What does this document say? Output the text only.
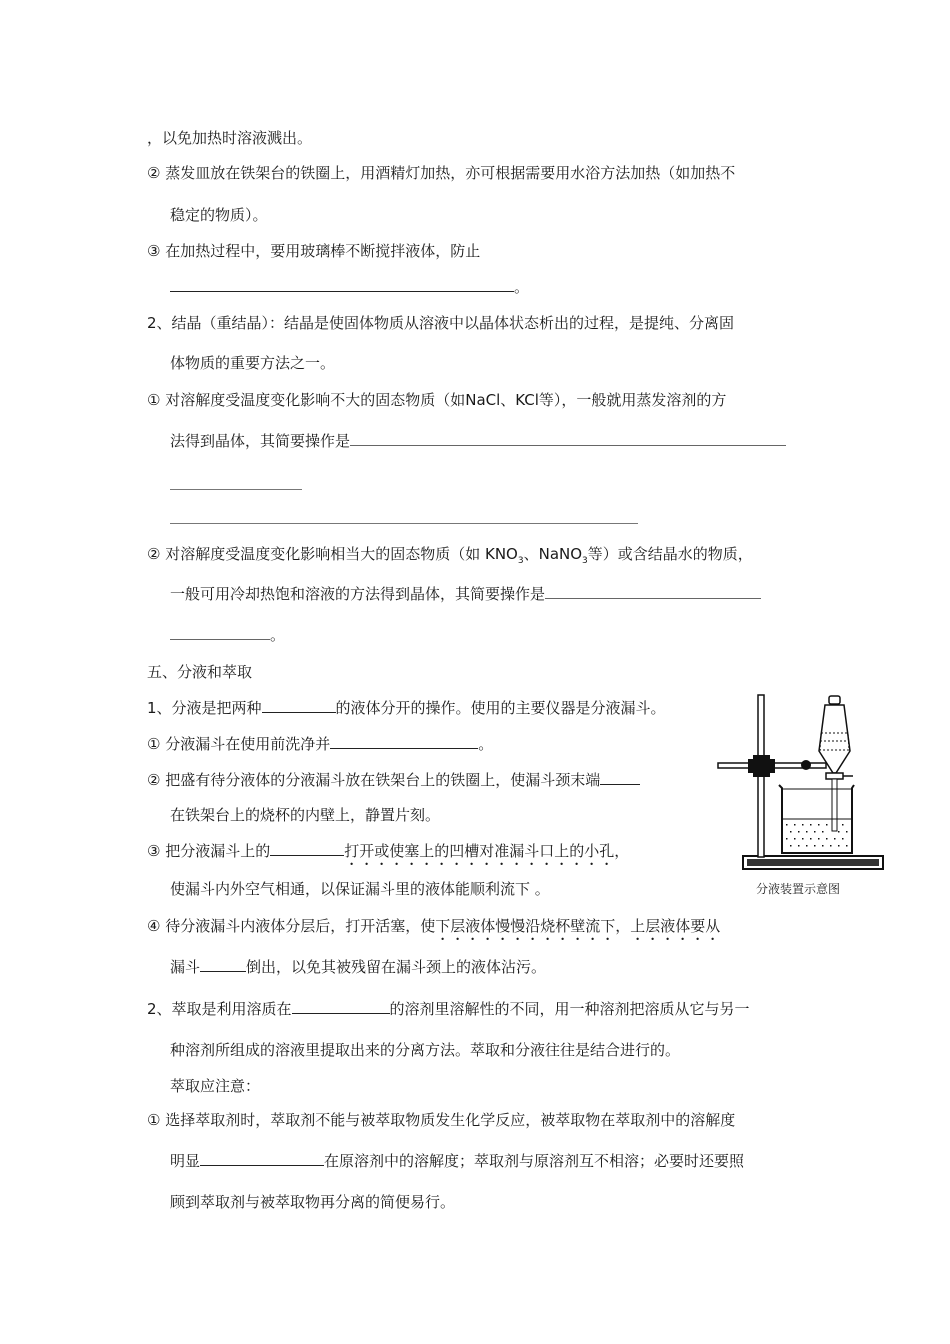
，以免加热时溶液溅出。
② 蒸发皿放在铁架台的铁圈上，用酒精灯加热，亦可根据需要用水浴方法加热（如加热不
稳定的物质）。
③ 在加热过程中，要用玻璃棒不断搅拌液体，防止
。
2、结晶（重结晶）：结晶是使固体物质从溶液中以晶体状态析出的过程，是提纯、分离固
体物质的重要方法之一。
① 对溶解度受温度变化影响不大的固态物质（如NaCl、KCl等），一般就用蒸发溶剂的方
法得到晶体，其简要操作是
② 对溶解度受温度变化影响相当大的固态物质（如 $KNO_3$、NaNO$_3$等）或含结晶水的物质，
一般可用冷却热饱和溶液的方法得到晶体，其简要操作是
。
五、分液和萃取
1、分液是把两种	的液体分开的操作。使用的主要仪器是分液漏斗。
① 分液漏斗在使用前洗净并	。
② 把盛有待分液体的分液漏斗放在铁架台上的铁圈上，使漏斗颈末端
在铁架台上的烧杯的内壁上，静置片刻。
③ 把分液漏斗上的	打开或使塞上的凹槽对准漏斗口上的小孔，
使漏斗内外空气相通，以保证漏斗里的液体能顺利流下 。
④ 待分液漏斗内液体分层后，打开活塞，使下层液体慢慢沿烧杯壁流下，上层液体要从
漏斗	倒出，以免其被残留在漏斗颈上的液体沾污。
2、萃取是利用溶质在	的溶剂里溶解性的不同，用一种溶剂把溶质从它与另一
种溶剂所组成的溶液里提取出来的分离方法。萃取和分液往往是结合进行的。
萃取应注意：
① 选择萃取剂时，萃取剂不能与被萃取物质发生化学反应，被萃取物在萃取剂中的溶解度
明显	在原溶剂中的溶解度；萃取剂与原溶剂互不相溶；必要时还要照
顾到萃取剂与被萃取物再分离的简便易行。
分液装置示意图
